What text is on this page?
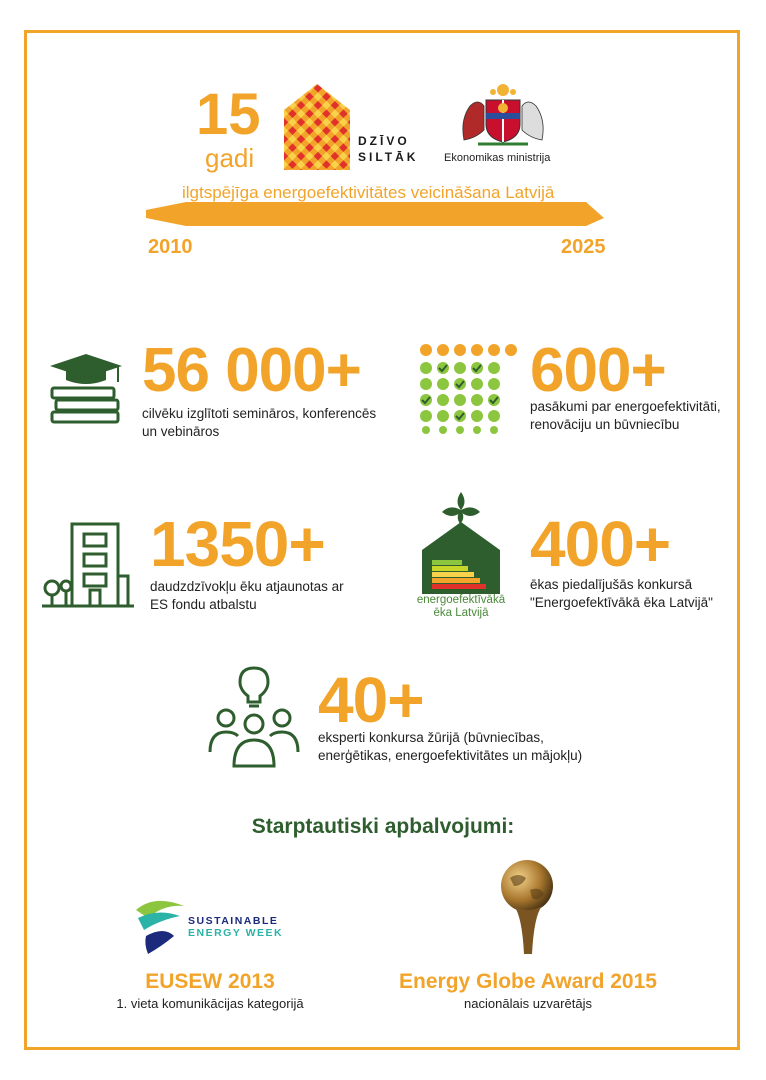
15
gadi
DZĪVO
SILTĀK Ekonomikas ministrija
ilgtspējīga energoefektivitātes veicināšana Latvijā
2010	2025
56 000+
cilvēku izglītoti semināros, konferencēs
un vebināros
600+
pasākumi par energoefektivitāti,
renovāciju un būvniecību
1350+
daudzdzīvokļu ēku atjaunotas ar
ES fondu atbalstu	energoefektīvākā
ēka Latvijā
400+
ēkas piedalījušās konkursā
"Energoefektīvākā ēka Latvijā"
40+
eksperti konkursa žūrijā (būvniecības,
enerģētikas, energoefektivitātes un mājokļu)
Starptautiski apbalvojumi:
SUSTAINABLE
ENERGY WEEK
EUSEW 2013
1. vieta komunikācijas kategorijā
Energy Globe Award 2015
nacionālais uzvarētājs
